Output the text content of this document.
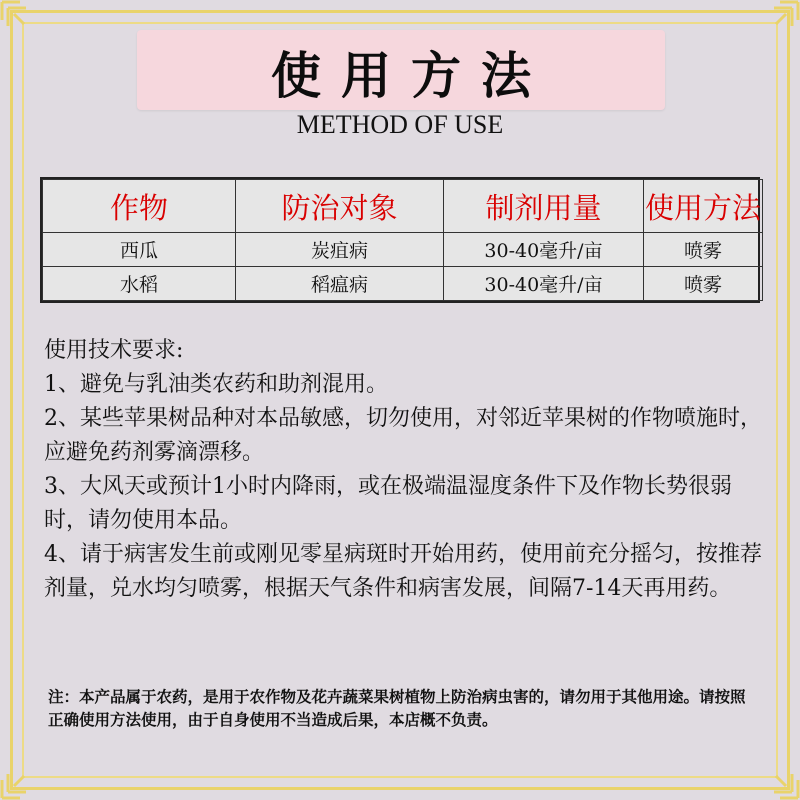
使用方法
METHOD OF USE
作物	防治对象	制剂用量	使用方法
西瓜	炭疽病	30-40毫升/亩	喷雾
水稻	稻瘟病	30-40毫升/亩	喷雾

使用技术要求:

1、避免与乳油类农药和助剂混用。

2、某些苹果树品种对本品敏感，切勿使用，对邻近苹果树的作物喷施时，应避免药剂雾滴漂移。

3、大风天或预计1小时内降雨，或在极端温湿度条件下及作物长势很弱时，请勿使用本品。

4、请于病害发生前或刚见零星病斑时开始用药，使用前充分摇匀，按推荐剂量，兑水均匀喷雾，根据天气条件和病害发展，间隔7-14天再用药。

注：本产品属于农药，是用于农作物及花卉蔬菜果树植物上防治病虫害的，请勿用于其他用途。请按照正确使用方法使用，由于自身使用不当造成后果，本店概不负责。
